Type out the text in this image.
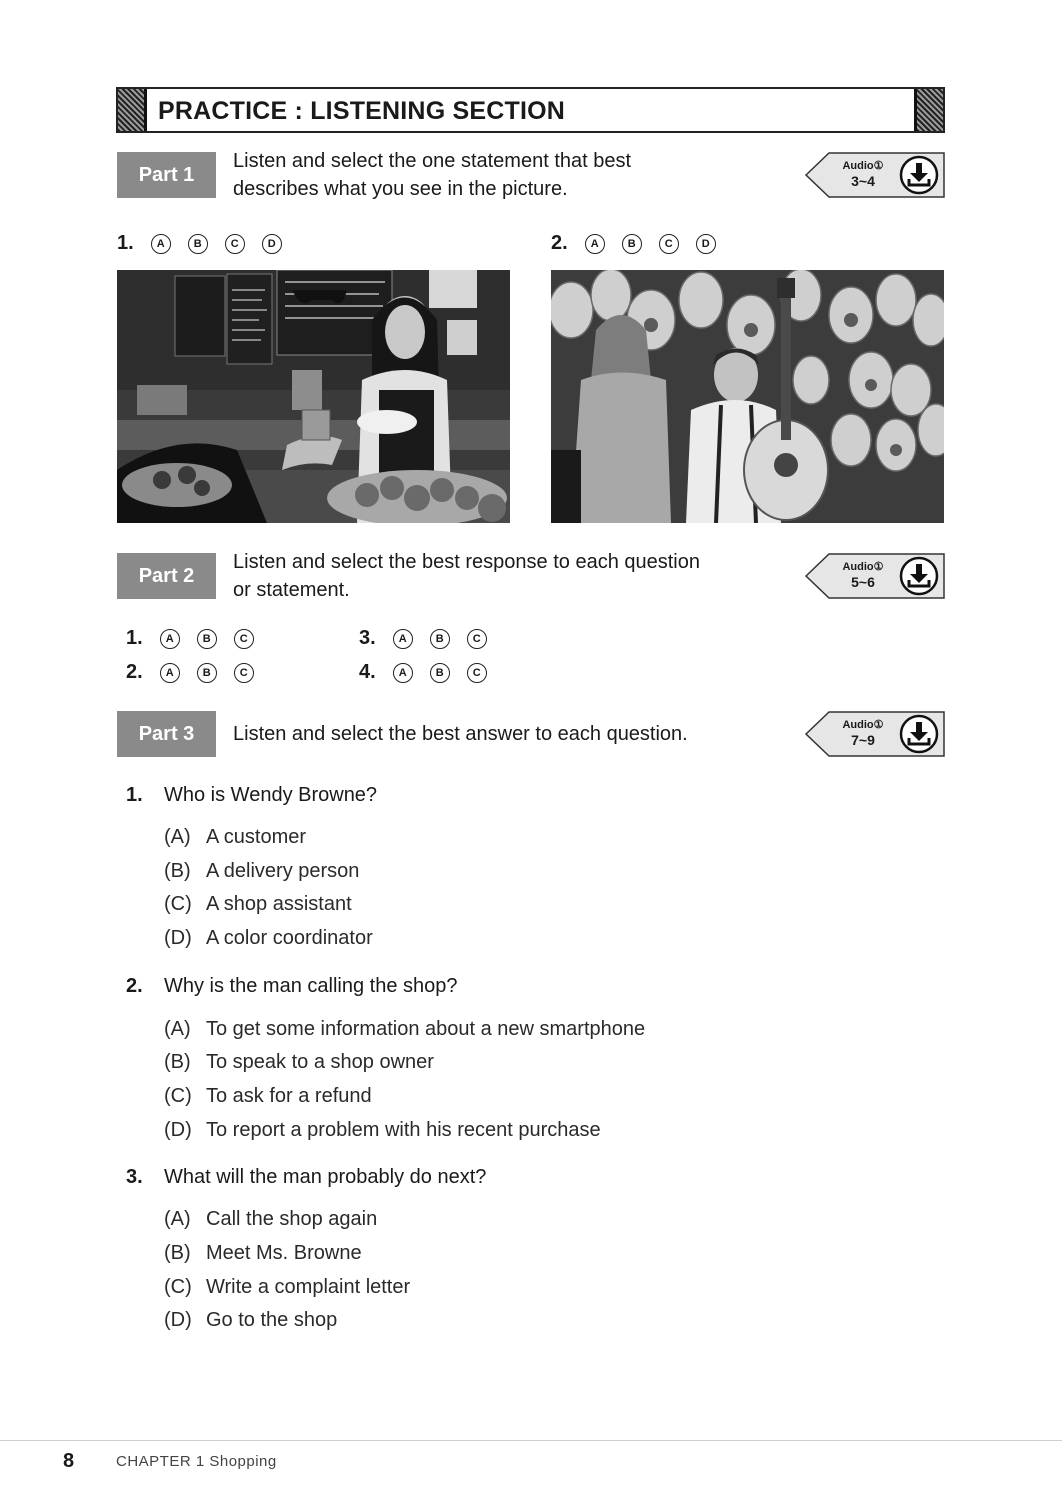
PRACTICE : LISTENING SECTION
Part 1
Listen and select the one statement that best
describes what you see in the picture.
Audio①
3~4
1.	A	B	C	D	2.	A	B	C	D
Part 2
Listen and select the best response to each question
or statement.
Audio①
5~6
1.	A	B	C
2.	A	B	C
3.	A	B	C
4.	A	B	C
Part 3	Listen and select the best answer to each question.	Audio①
7~9
1. Who is Wendy Browne?
(A) A customer
(B) A delivery person
(C) A shop assistant
(D) A color coordinator
2. Why is the man calling the shop?
(A) To get some information about a new smartphone
(B) To speak to a shop owner
(C) To ask for a refund
(D) To report a problem with his recent purchase
3. What will the man probably do next?
(A) Call the shop again
(B) Meet Ms. Browne
(C) Write a complaint letter
(D) Go to the shop
8	CHAPTER 1 Shopping
